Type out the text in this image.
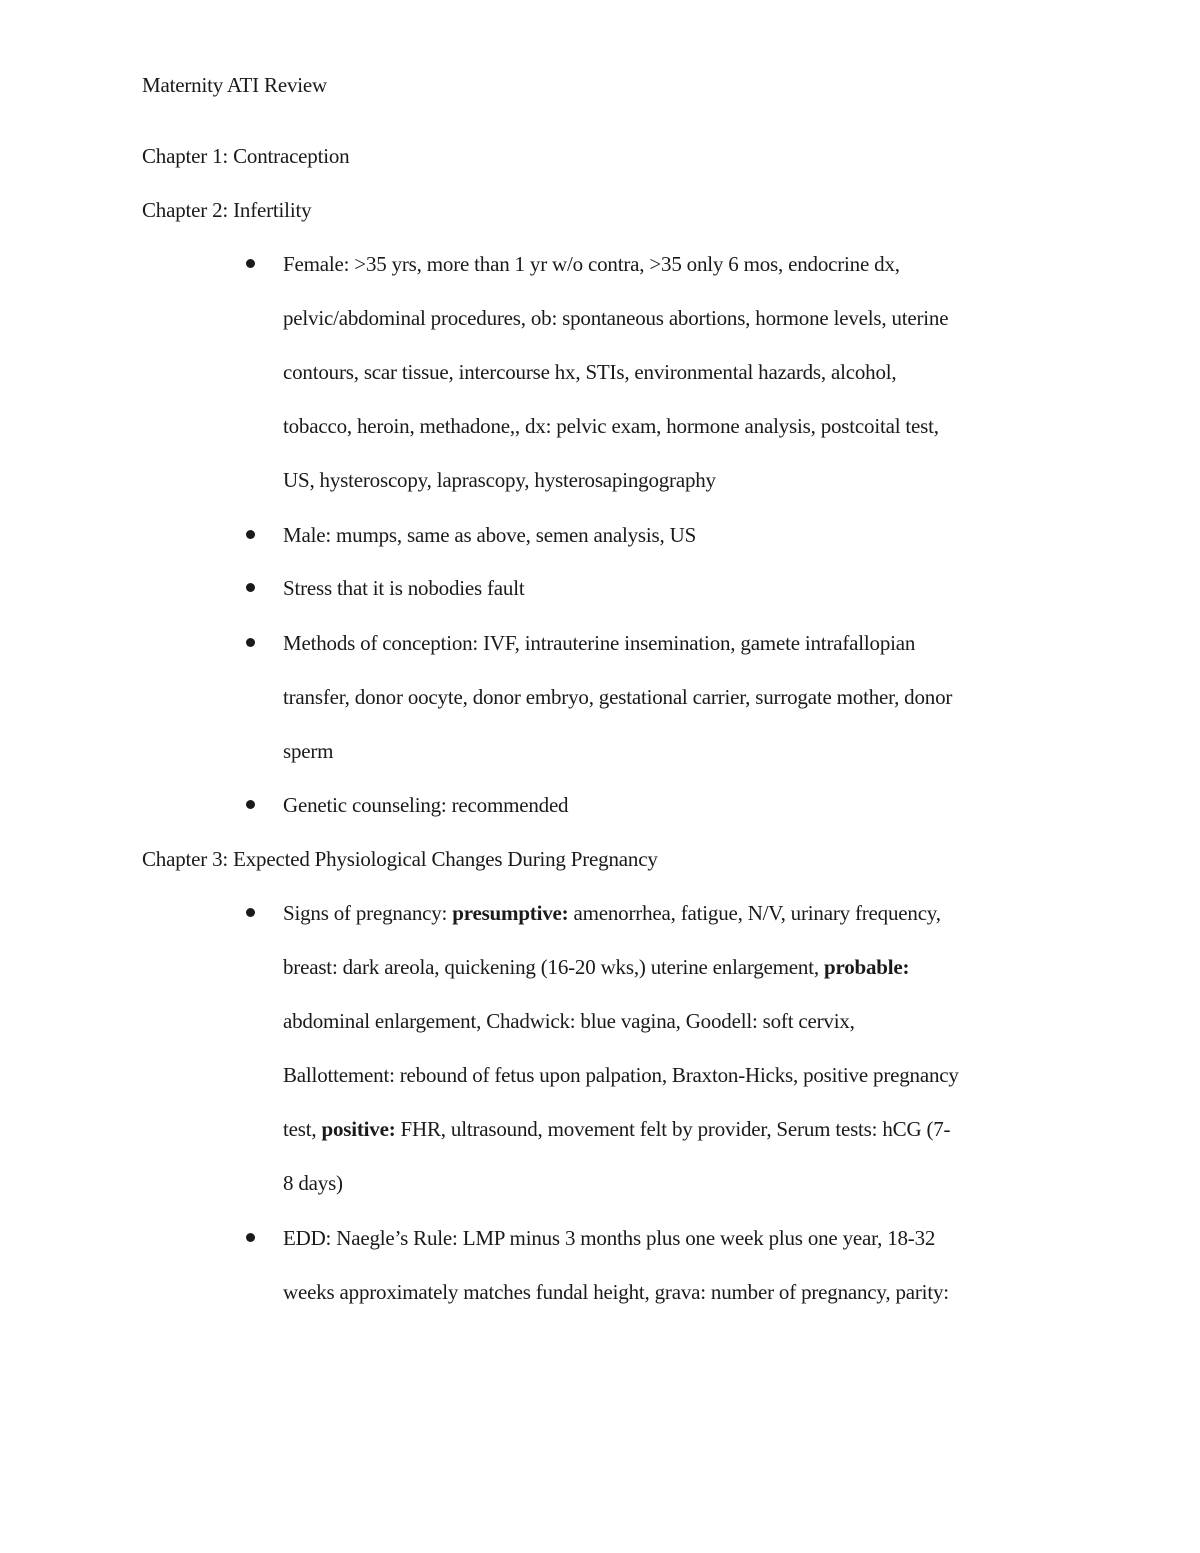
Maternity ATI Review
Chapter 1: Contraception
Chapter 2: Infertility
Female: >35 yrs, more than 1 yr w/o contra, >35 only 6 mos, endocrine dx,
pelvic/abdominal procedures, ob: spontaneous abortions, hormone levels, uterine
contours, scar tissue, intercourse hx, STIs, environmental hazards, alcohol,
tobacco, heroin, methadone,, dx: pelvic exam, hormone analysis, postcoital test,
US, hysteroscopy, laprascopy, hysterosapingography
Male: mumps, same as above, semen analysis, US
Stress that it is nobodies fault
Methods of conception: IVF, intrauterine insemination, gamete intrafallopian
transfer, donor oocyte, donor embryo, gestational carrier, surrogate mother, donor
sperm
Genetic counseling: recommended
Chapter 3: Expected Physiological Changes During Pregnancy
Signs of pregnancy: presumptive: amenorrhea, fatigue, N/V, urinary frequency,
breast: dark areola, quickening (16-20 wks,) uterine enlargement, probable:
abdominal enlargement, Chadwick: blue vagina, Goodell: soft cervix,
Ballottement: rebound of fetus upon palpation, Braxton-Hicks, positive pregnancy
test, positive: FHR, ultrasound, movement felt by provider, Serum tests: hCG (7-
8 days)
EDD: Naegle’s Rule: LMP minus 3 months plus one week plus one year, 18-32
weeks approximately matches fundal height, grava: number of pregnancy, parity:
